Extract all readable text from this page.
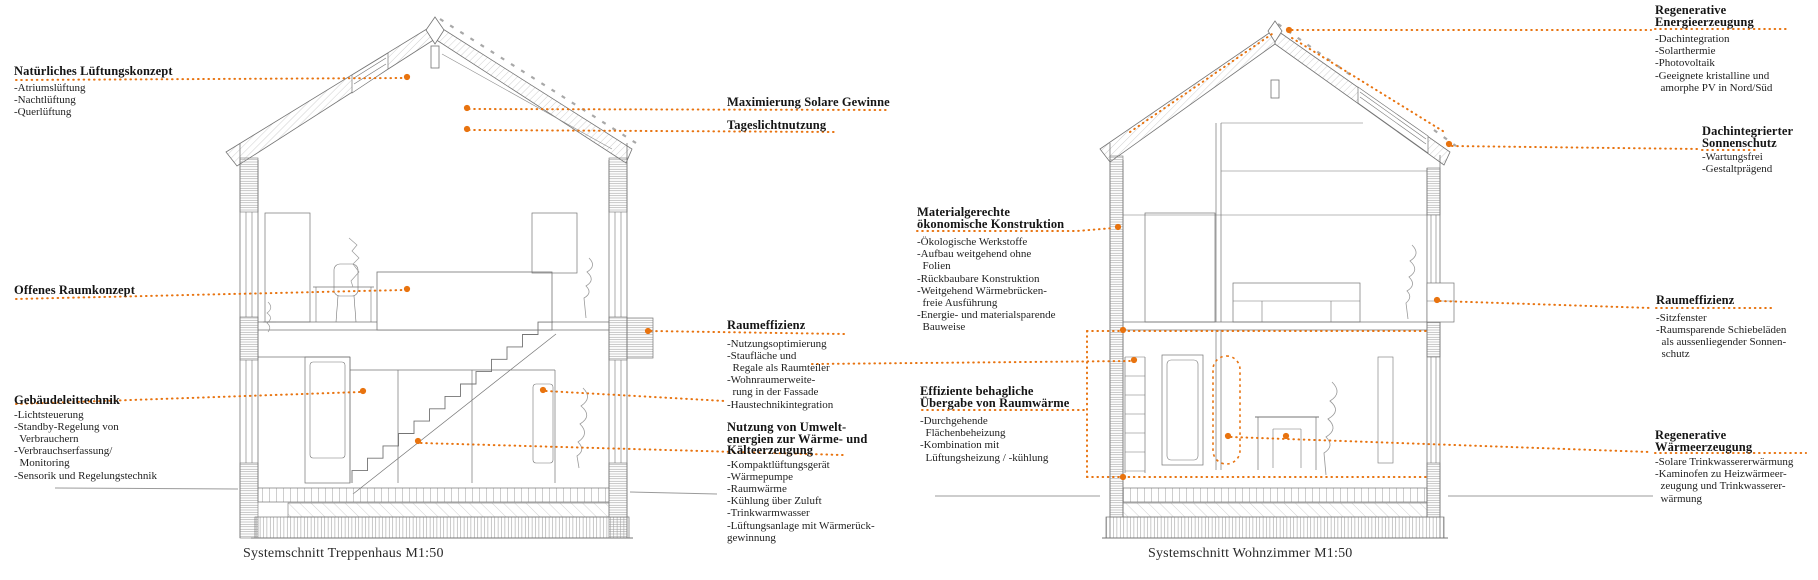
Natürliches Lüftungskonzept
-Atriumslüftung
-Nachtlüftung
-Querlüftung
Offenes Raumkonzept
Gebäudeleittechnik
-Lichtsteuerung
-Standby-Regelung von
Verbrauchern
-Verbrauchserfassung/
Monitoring
-Sensorik und Regelungstechnik
Maximierung Solare Gewinne
Tageslichtnutzung
Raumeffizienz
-Nutzungsoptimierung
-Staufläche und
Regale als Raumteiler
-Wohnraumerweite-
rung in der Fassade
-Haustechnikintegration
Nutzung von Umwelt-
energien zur Wärme- und
Kälteerzeugung
-Kompaktlüftungsgerät
-Wärmepumpe
-Raumwärme
-Kühlung über Zuluft
-Trinkwarmwasser
-Lüftungsanlage mit Wärmerück-
gewinnung
Materialgerechte
ökonomische Konstruktion
-Ökologische Werkstoffe
-Aufbau weitgehend ohne
Folien
-Rückbaubare Konstruktion
-Weitgehend Wärmebrücken-
freie Ausführung
-Energie- und materialsparende
Bauweise
Effiziente behagliche
Übergabe von Raumwärme
-Durchgehende
Flächenbeheizung
-Kombination mit
Lüftungsheizung / -kühlung
Regenerative
Energieerzeugung
-Dachintegration
-Solarthermie
-Photovoltaik
-Geeignete kristalline und
amorphe PV in Nord/Süd
Dachintegrierter
Sonnenschutz
-Wartungsfrei
-Gestaltprägend
Raumeffizienz
-Sitzfenster
-Raumsparende Schiebeläden
als aussenliegender Sonnen-
schutz
Regenerative
Wärmeerzeugung
-Solare Trinkwassererwärmung
-Kaminofen zu Heizwärmeer-
zeugung und Trinkwasserer-
wärmung
Systemschnitt Treppenhaus M1:50	Systemschnitt Wohnzimmer M1:50
